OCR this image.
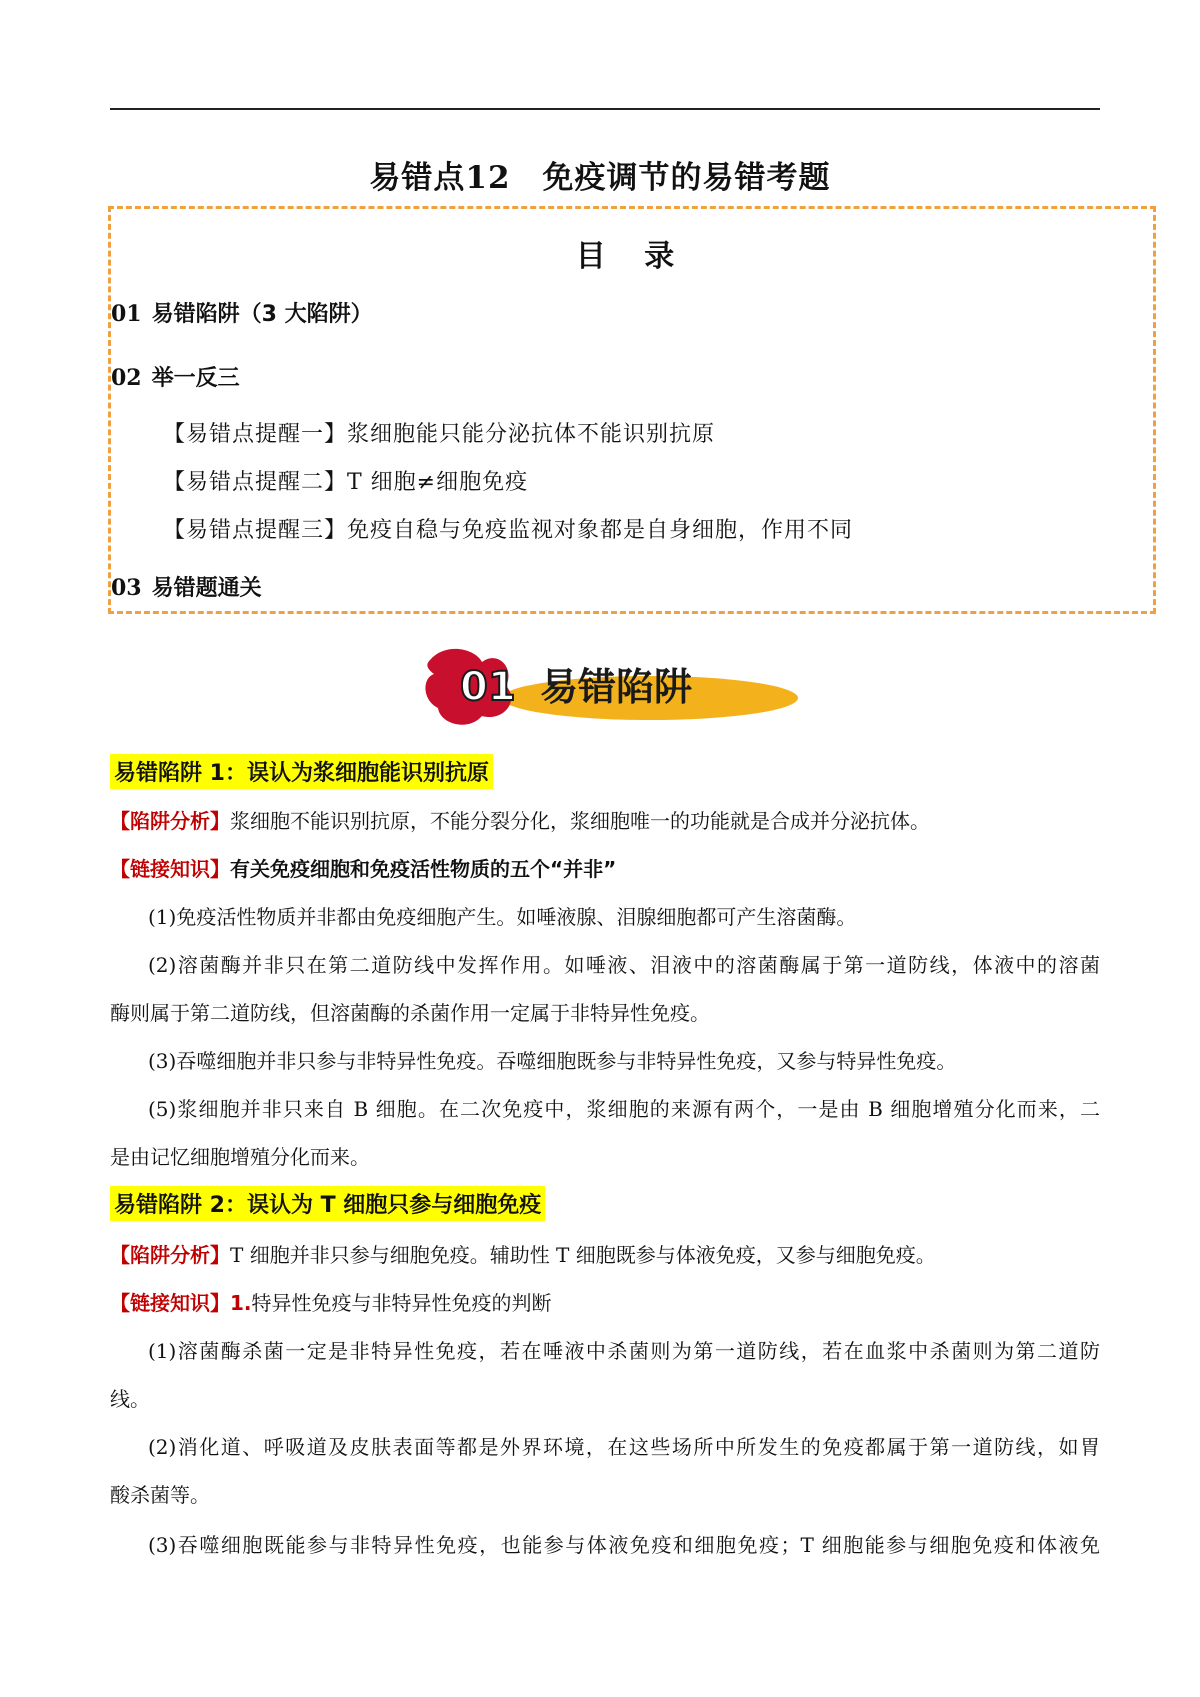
易错点12　免疫调节的易错考题
目 录
01 易错陷阱（3 大陷阱）
02 举一反三
【易错点提醒一】浆细胞能只能分泌抗体不能识别抗原
【易错点提醒二】T 细胞≠细胞免疫
【易错点提醒三】免疫自稳与免疫监视对象都是自身细胞，作用不同
03 易错题通关
01 易错陷阱
易错陷阱 1：误认为浆细胞能识别抗原
【陷阱分析】浆细胞不能识别抗原，不能分裂分化，浆细胞唯一的功能就是合成并分泌抗体。
【链接知识】有关免疫细胞和免疫活性物质的五个“并非”
(1)免疫活性物质并非都由免疫细胞产生。如唾液腺、泪腺细胞都可产生溶菌酶。
(2)溶菌酶并非只在第二道防线中发挥作用。如唾液、泪液中的溶菌酶属于第一道防线，体液中的溶菌
酶则属于第二道防线，但溶菌酶的杀菌作用一定属于非特异性免疫。
(3)吞噬细胞并非只参与非特异性免疫。吞噬细胞既参与非特异性免疫，又参与特异性免疫。
(5)浆细胞并非只来自 B 细胞。在二次免疫中，浆细胞的来源有两个，一是由 B 细胞增殖分化而来，二
是由记忆细胞增殖分化而来。
易错陷阱 2：误认为 T 细胞只参与细胞免疫
【陷阱分析】T 细胞并非只参与细胞免疫。辅助性 T 细胞既参与体液免疫，又参与细胞免疫。
【链接知识】1.特异性免疫与非特异性免疫的判断
(1)溶菌酶杀菌一定是非特异性免疫，若在唾液中杀菌则为第一道防线，若在血浆中杀菌则为第二道防
线。
(2)消化道、呼吸道及皮肤表面等都是外界环境，在这些场所中所发生的免疫都属于第一道防线，如胃
酸杀菌等。
(3)吞噬细胞既能参与非特异性免疫，也能参与体液免疫和细胞免疫；T 细胞能参与细胞免疫和体液免
